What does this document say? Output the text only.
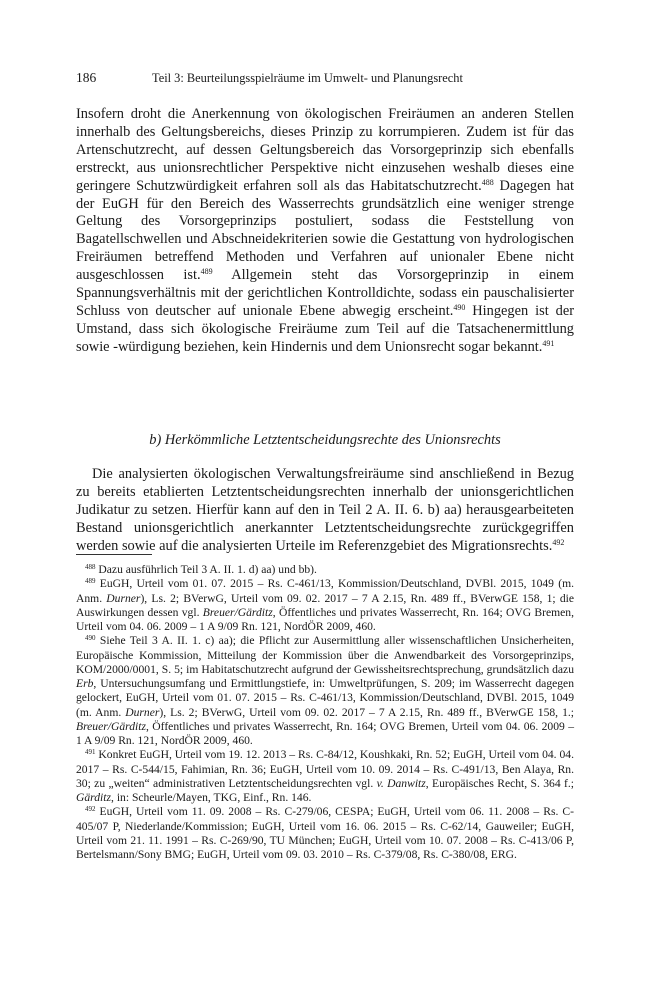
186	Teil 3: Beurteilungsspielräume im Umwelt- und Planungsrecht
Insofern droht die Anerkennung von ökologischen Freiräumen an anderen Stellen innerhalb des Geltungsbereichs, dieses Prinzip zu korrumpieren. Zudem ist für das Artenschutzrecht, auf dessen Geltungsbereich das Vorsorgeprinzip sich ebenfalls erstreckt, aus unionsrechtlicher Perspektive nicht einzusehen weshalb dieses eine geringere Schutzwürdigkeit erfahren soll als das Habitatschutzrecht.$^{488}$ Dagegen hat der EuGH für den Bereich des Wasserrechts grundsätzlich eine weniger strenge Geltung des Vorsorgeprinzips postuliert, sodass die Feststellung von Bagatellschwellen und Abschneidekriterien sowie die Gestattung von hydrologischen Freiräumen betreffend Methoden und Verfahren auf unionaler Ebene nicht ausgeschlossen ist.$^{489}$ Allgemein steht das Vorsorgeprinzip in einem Spannungsverhältnis mit der gerichtlichen Kontrolldichte, sodass ein pauschalisierter Schluss von deutscher auf unionale Ebene abwegig erscheint.$^{490}$ Hingegen ist der Umstand, dass sich ökologische Freiräume zum Teil auf die Tatsachenermittlung sowie -würdigung beziehen, kein Hindernis und dem Unionsrecht sogar bekannt.$^{491}$
b) Herkömmliche Letztentscheidungsrechte des Unionsrechts
Die analysierten ökologischen Verwaltungsfreiräume sind anschließend in Bezug zu bereits etablierten Letztentscheidungsrechten innerhalb der unionsgerichtlichen Judikatur zu setzen. Hierfür kann auf den in Teil 2 A. II. 6. b) aa) herausgearbeiteten Bestand unionsgerichtlich anerkannter Letztentscheidungsrechte zurückgegriffen werden sowie auf die analysierten Urteile im Referenzgebiet des Migrationsrechts.$^{492}$
$^{488}$ Dazu ausführlich Teil 3 A. II. 1. d) aa) und bb).
$^{489}$ EuGH, Urteil vom 01. 07. 2015 – Rs. C-461/13, Kommission/Deutschland, DVBl. 2015, 1049 (m. Anm. Durner), Ls. 2; BVerwG, Urteil vom 09. 02. 2017 – 7 A 2.15, Rn. 489 ff., BVerwGE 158, 1; die Auswirkungen dessen vgl. Breuer/Gärditz, Öffentliches und privates Wasserrecht, Rn. 164; OVG Bremen, Urteil vom 04. 06. 2009 – 1 A 9/09 Rn. 121, NordÖR 2009, 460.
$^{490}$ Siehe Teil 3 A. II. 1. c) aa); die Pflicht zur Ausermittlung aller wissenschaftlichen Unsicherheiten, Europäische Kommission, Mitteilung der Kommission über die Anwendbarkeit des Vorsorgeprinzips, KOM/2000/0001, S. 5; im Habitatschutzrecht aufgrund der Gewissheitsrechtsprechung, grundsätzlich dazu Erb, Untersuchungsumfang und Ermittlungstiefe, in: Umweltprüfungen, S. 209; im Wasserrecht dagegen gelockert, EuGH, Urteil vom 01. 07. 2015 – Rs. C-461/13, Kommission/Deutschland, DVBl. 2015, 1049 (m. Anm. Durner), Ls. 2; BVerwG, Urteil vom 09. 02. 2017 – 7 A 2.15, Rn. 489 ff., BVerwGE 158, 1.; Breuer/Gärditz, Öffentliches und privates Wasserrecht, Rn. 164; OVG Bremen, Urteil vom 04. 06. 2009 – 1 A 9/09 Rn. 121, NordÖR 2009, 460.
$^{491}$ Konkret EuGH, Urteil vom 19. 12. 2013 – Rs. C-84/12, Koushkaki, Rn. 52; EuGH, Urteil vom 04. 04. 2017 – Rs. C-544/15, Fahimian, Rn. 36; EuGH, Urteil vom 10. 09. 2014 – Rs. C-491/13, Ben Alaya, Rn. 30; zu „weiten“ administrativen Letztentscheidungsrechten vgl. v. Danwitz, Europäisches Recht, S. 364 f.; Gärditz, in: Scheurle/Mayen, TKG, Einf., Rn. 146.
$^{492}$ EuGH, Urteil vom 11. 09. 2008 – Rs. C-279/06, CESPA; EuGH, Urteil vom 06. 11. 2008 – Rs. C-405/07 P, Niederlande/Kommission; EuGH, Urteil vom 16. 06. 2015 – Rs. C-62/14, Gauweiler; EuGH, Urteil vom 21. 11. 1991 – Rs. C-269/90, TU München; EuGH, Urteil vom 10. 07. 2008 – Rs. C-413/06 P, Bertelsmann/Sony BMG; EuGH, Urteil vom 09. 03. 2010 – Rs. C-379/08, Rs. C-380/08, ERG.
